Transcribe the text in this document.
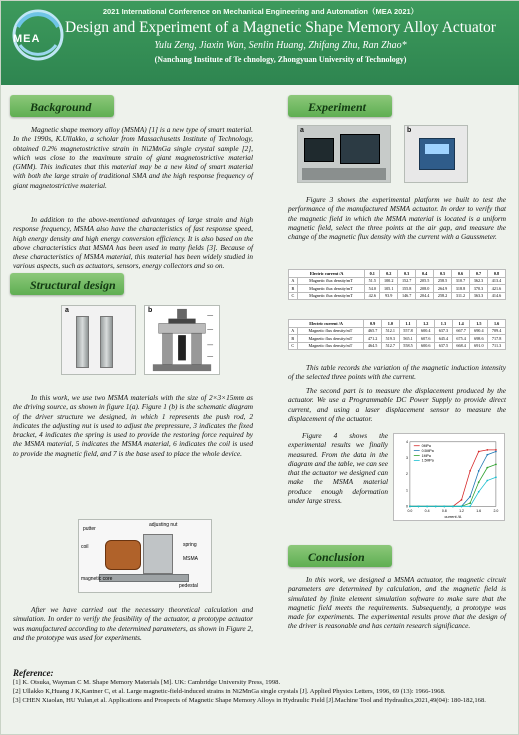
MEA
2021 International Conference on Mechanical Engineering and Automation（MEA 2021）
Design and Experiment of a Magnetic Shape Memory Alloy Actuator
Yulu Zeng, Jiaxin Wan, Senlin Huang, Zhifang Zhu, Ran Zhao*
(Nanchang Institute of Te chnology, Zhongyuan University of Technology)
Background
Magnetic shape memory alloy (MSMA) [1] is a new type of smart material. In the 1990s, K.Ullakko, a scholar from Massachusetts Institute of Technology, obtained 0.2% magnetostrictive strain in Ni2MnGa single crystal sample [2], which was close to the maximum strain of giant magnetostrictive material (GMM). This indicates that this material may be a new kind of smart material with both the large strain of traditional SMA and the high response frequency of giant magnetostrictive material.
In addition to the above-mentioned advantages of large strain and high response frequency, MSMA also have the characteristics of fast response speed, high energy density and high energy conversion efficiency. It is also based on the above characteristics that MSMA has been used in many fields [3]. Because of these characteristics of MSMA material, this material has been widely studied in various aspects, such as actuators, sensors, energy collectors and so on.
Structural design
a	b
In this work, we use two MSMA materials with the size of 2×3×15mm as the driving source, as shown in figure 1(a). Figure 1 (b) is the schematic diagram of the driver structure we designed, in which 1 represents the push rod, 2 indicates the adjusting nut is used to adjust the prepressure, 3 indicates the fixed bracket, 4 indicates the spring is used to provide the restoring force required by the MSMA material, 5 indicates the MSMA material, 6 indicates the coil is used to provide the magnetic field, and 7 is the base used to place the whole device.
putter
adjusting nut
coil	spring
MSMA
magnetic core
pedestal
After we have carried out the necessary theoretical calculation and simulation. In order to verify the feasibility of the actuator, a prototype actuator was manufactured according to the determined parameters, as shown in Figure 2, and the prototype was used for experiments.
Reference:
[1] K. Otsuka, Wayman C M. Shape Memory Materials [M]. UK: Cambridge University Press, 1998.
[2] Ullakko K,Huang J K,Kantner C, et al. Large magnetic-field-induced strains in Ni2MnGa single crystals [J]. Applied Physics Letters, 1996, 69 (13): 1966-1968.
[3] CHEN Xiaolan, HU Yulan,et al. Applications and Prospects of Magnetic Shape Memory Alloys in Hydraulic Field [J].Machine Tool and Hydraulics,2021,49(04): 180-182,168.
Experiment
a	b
Figure 3 shows the experimental platform we built to test the performance of the manufactured MSMA actuator. In order to verify that the magnetic field in which the MSMA material is located is a uniform magnetic field, select the three points at the air gap, and measure the change of the magnetic flux density with the current with a Gaussmeter.
Electric current /A		0.1	0.2	0.3	0.4	0.5	0.6	0.7	0.8
A	Magnetic flux density/mT	51.5	100.2	152.7	205.5	258.5	310.7	362.3	413.4
B	Magnetic flux density/mT	54.0	105.1	155.8	208.0	264.9	318.8	370.3	421.6
C	Magnetic flux density/mT	42.6	93.9	146.7	204.4	258.2	311.2	363.3	414.6
Electric current /A		0.9	1.0	1.1	1.2	1.3	1.4	1.5	1.6
A	Magnetic flux density/mT	465.7	512.1	557.8	600.4	637.3	667.7	690.4	709.4
B	Magnetic flux density/mT	471.2	519.3	565.1	607.6	645.4	675.4	698.6	717.8
C	Magnetic flux density/mT	464.5	512.7	558.5	600.6	637.5	668.4	691.0	711.3
This table records the variation of the magnetic induction intensity of the selected three points with the current.
The second part is to measure the displacement produced by the actuator. We use a Programmable DC Power Supply to provide direct current, and using a laser displacement sensor to measure the displacement of the actuator.
Figure 4 shows the experimental results we finally measured. From the data in the diagram and the table, we can see that the actuator we designed can make the MSMA material produce enough deformation under large stress.
0.0	0.4	0.8	1.2	1.6	2.0
0
1
2
3
4
current /A
0MPa
0.5MPa
1MPa
1.5MPa
Conclusion
In this work, we designed a MSMA actuator, the magnetic circuit parameters are determined by calculation, and the magnetic field is simulated by finite element simulation software to make sure that the magnetic field meets the requirements. Subsequently, a prototype was made for experiments. The experimental results prove that the design of the driver is reasonable and has certain research significance.
